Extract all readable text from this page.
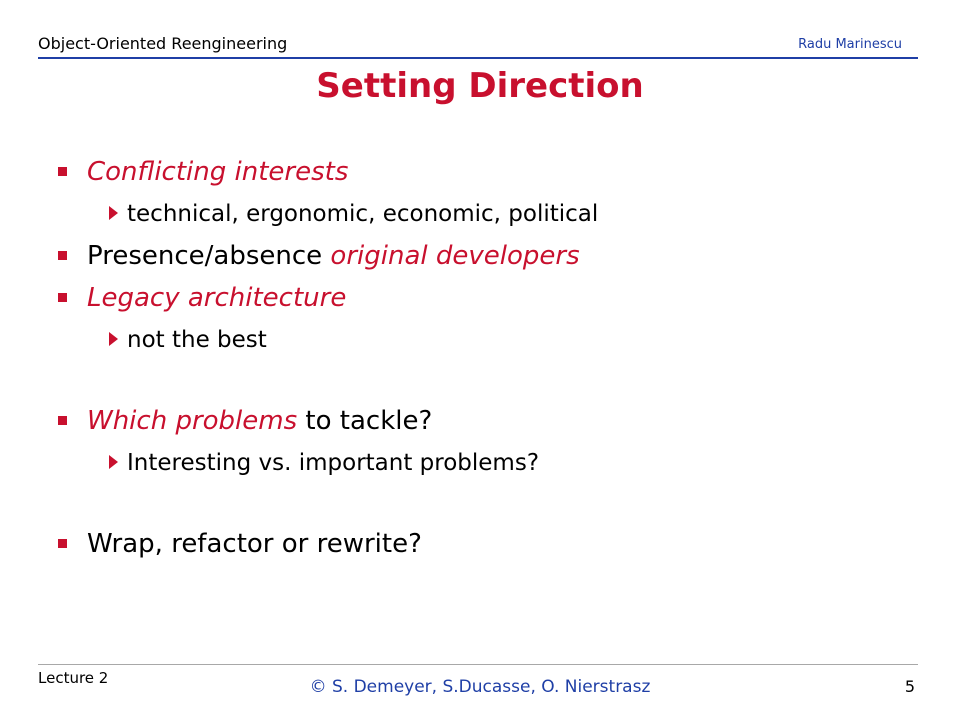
Object-Oriented Reengineering	Radu Marinescu
Setting Direction
Conflicting interests
technical, ergonomic, economic, political
Presence/absence original developers
Legacy architecture
not the best
Which problems to tackle?
Interesting vs. important problems?
Wrap, refactor or rewrite?
Lecture 2	© S. Demeyer, S.Ducasse, O. Nierstrasz	5
